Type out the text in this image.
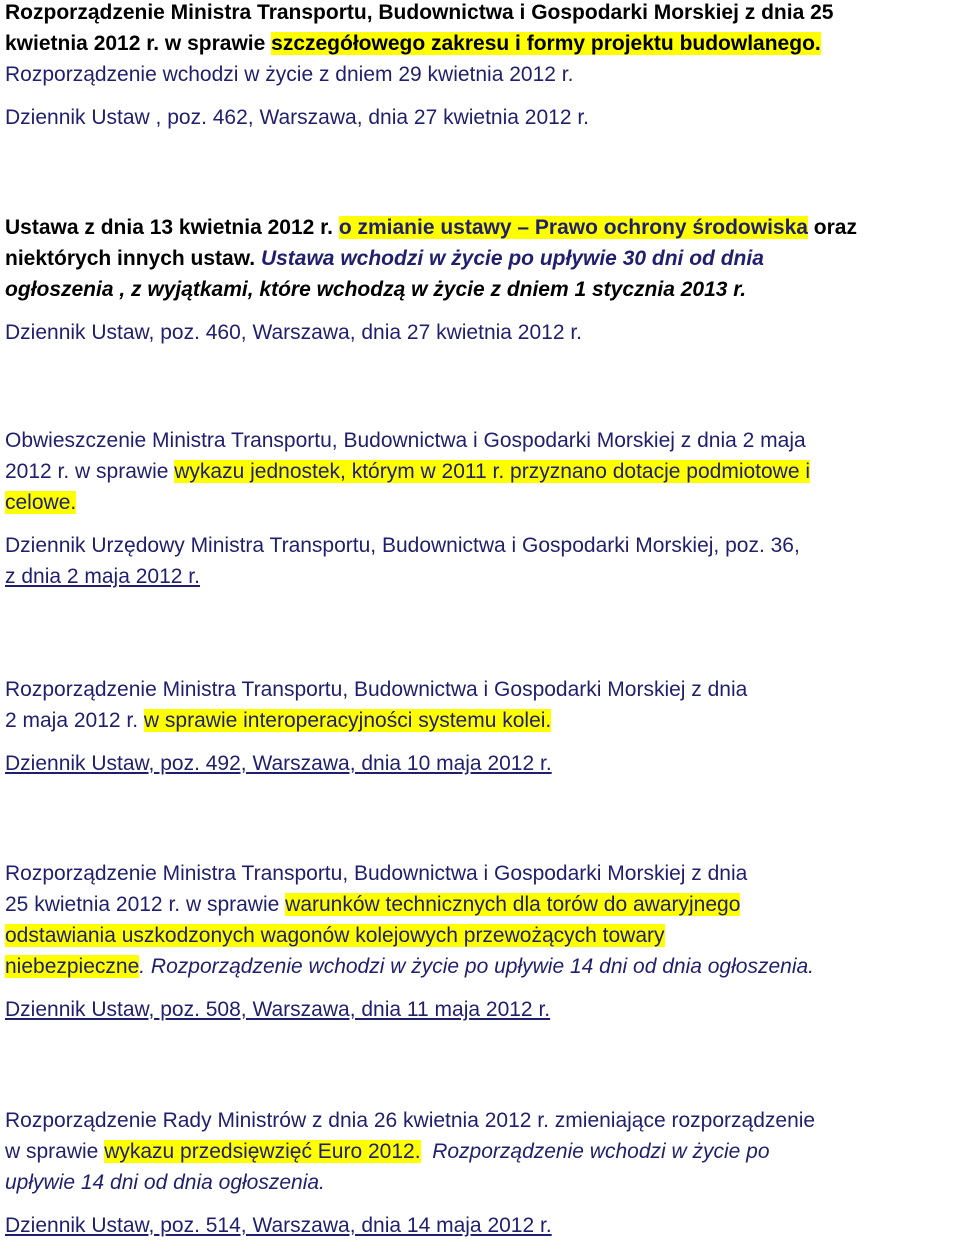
Rozporządzenie Ministra Transportu, Budownictwa i Gospodarki Morskiej z dnia 25

kwietnia 2012 r. w sprawie szczegółowego zakresu i formy projektu budowlanego.

Rozporządzenie wchodzi w życie z dniem 29 kwietnia 2012 r.

Dziennik Ustaw , poz. 462, Warszawa, dnia 27 kwietnia 2012 r.

Ustawa z dnia 13 kwietnia 2012 r. o zmianie ustawy – Prawo ochrony środowiska oraz

niektórych innych ustaw. Ustawa wchodzi w życie po upływie 30 dni od dnia

ogłoszenia , z wyjątkami, które wchodzą w życie z dniem 1 stycznia 2013 r.

Dziennik Ustaw, poz. 460, Warszawa, dnia 27 kwietnia 2012 r.

Obwieszczenie Ministra Transportu, Budownictwa i Gospodarki Morskiej z dnia 2 maja

2012 r. w sprawie wykazu jednostek, którym w 2011 r. przyznano dotacje podmiotowe i

celowe.

Dziennik Urzędowy Ministra Transportu, Budownictwa i Gospodarki Morskiej, poz. 36,

z dnia 2 maja 2012 r.

Rozporządzenie Ministra Transportu, Budownictwa i Gospodarki Morskiej z dnia

2 maja 2012 r. w sprawie interoperacyjności systemu kolei.

Dziennik Ustaw, poz. 492, Warszawa, dnia 10 maja 2012 r.

Rozporządzenie Ministra Transportu, Budownictwa i Gospodarki Morskiej z dnia

25 kwietnia 2012 r. w sprawie warunków technicznych dla torów do awaryjnego

odstawiania uszkodzonych wagonów kolejowych przewożących towary

niebezpieczne. Rozporządzenie wchodzi w życie po upływie 14 dni od dnia ogłoszenia.

Dziennik Ustaw, poz. 508, Warszawa, dnia 11 maja 2012 r.

Rozporządzenie Rady Ministrów z dnia 26 kwietnia 2012 r. zmieniające rozporządzenie

w sprawie wykazu przedsięwzięć Euro 2012.  Rozporządzenie wchodzi w życie po

upływie 14 dni od dnia ogłoszenia.

Dziennik Ustaw, poz. 514, Warszawa, dnia 14 maja 2012 r.
